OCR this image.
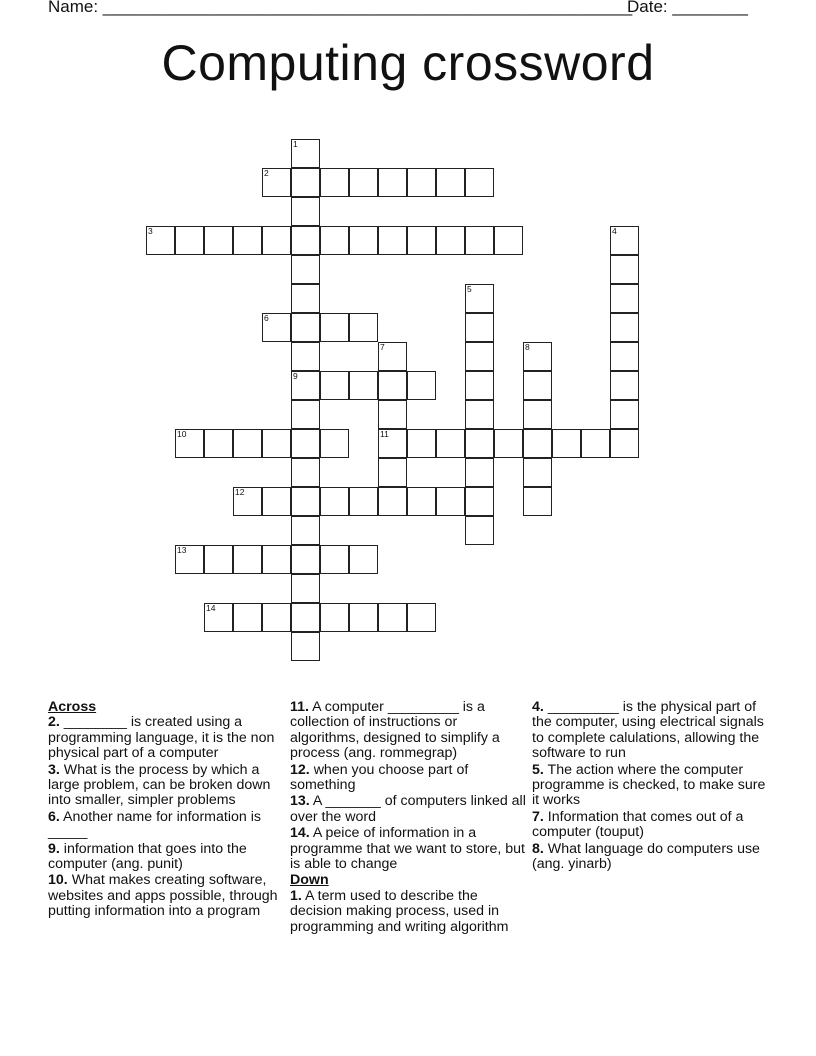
Name: ________________________________________________________
Date: ________
Computing crossword
1
2
3	4
5
6
7	8
9
10	11
12
13
14
Across
2. ________ is created using a programming language, it is the non physical part of a computer
3. What is the process by which a large problem, can be broken down into smaller, simpler problems
6. Another name for information is _____
9. information that goes into the computer (ang. punit)
10. What makes creating software, websites and apps possible, through putting information into a program
11. A computer _________ is a collection of instructions or algorithms, designed to simplify a process (ang. rommegrap)
12. when you choose part of something
13. A _______ of computers linked all over the word
14. A peice of information in a programme that we want to store, but is able to change
Down
1. A term used to describe the decision making process, used in programming and writing algorithm
4. _________ is the physical part of the computer, using electrical signals to complete calulations, allowing the software to run
5. The action where the computer programme is checked, to make sure it works
7. Information that comes out of a computer (touput)
8. What language do computers use (ang. yinarb)
